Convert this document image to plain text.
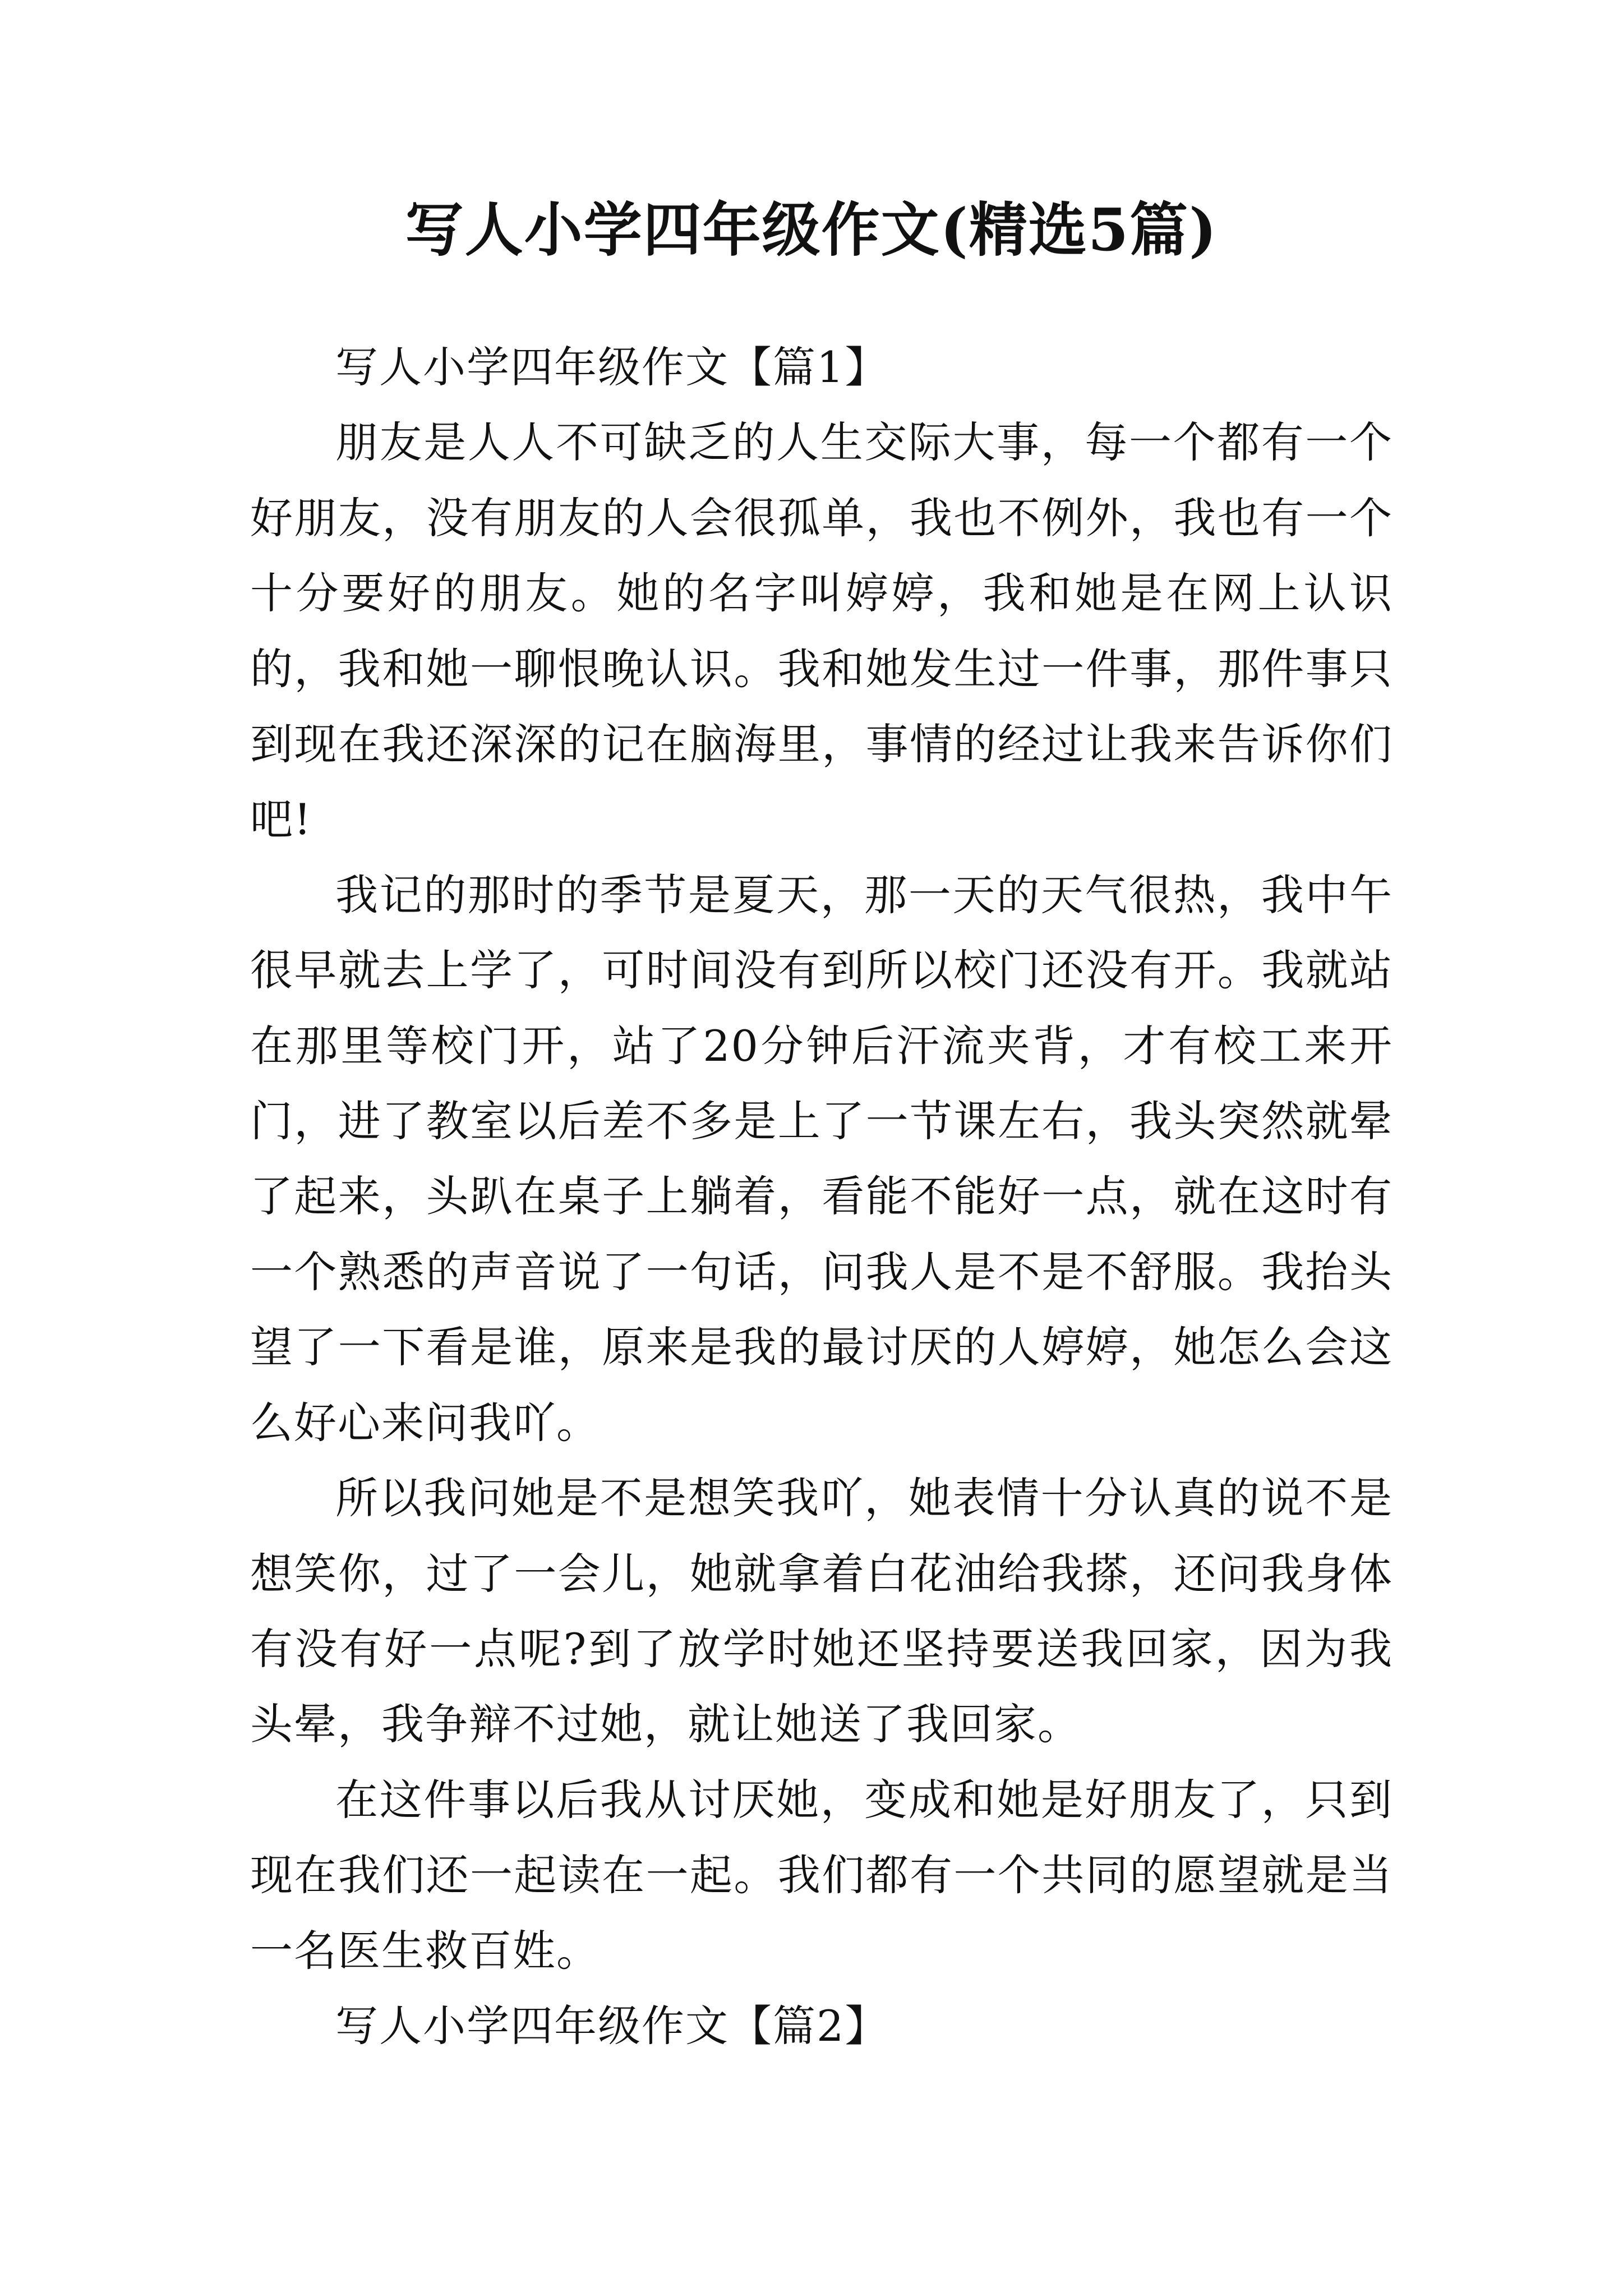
写人小学四年级作文(精选5篇)

写人小学四年级作文【篇1】

朋友是人人不可缺乏的人生交际大事，每一个都有一个好朋友，没有朋友的人会很孤单，我也不例外，我也有一个十分要好的朋友。她的名字叫婷婷，我和她是在网上认识的，我和她一聊恨晚认识。我和她发生过一件事，那件事只到现在我还深深的记在脑海里，事情的经过让我来告诉你们吧!

我记的那时的季节是夏天，那一天的天气很热，我中午很早就去上学了，可时间没有到所以校门还没有开。我就站在那里等校门开，站了20分钟后汗流夹背，才有校工来开门，进了教室以后差不多是上了一节课左右，我头突然就晕了起来，头趴在桌子上躺着，看能不能好一点，就在这时有一个熟悉的声音说了一句话，问我人是不是不舒服。我抬头望了一下看是谁，原来是我的最讨厌的人婷婷，她怎么会这么好心来问我吖。

所以我问她是不是想笑我吖，她表情十分认真的说不是想笑你，过了一会儿，她就拿着白花油给我搽，还问我身体有没有好一点呢?到了放学时她还坚持要送我回家，因为我头晕，我争辩不过她，就让她送了我回家。

在这件事以后我从讨厌她，变成和她是好朋友了，只到现在我们还一起读在一起。我们都有一个共同的愿望就是当一名医生救百姓。

写人小学四年级作文【篇2】
